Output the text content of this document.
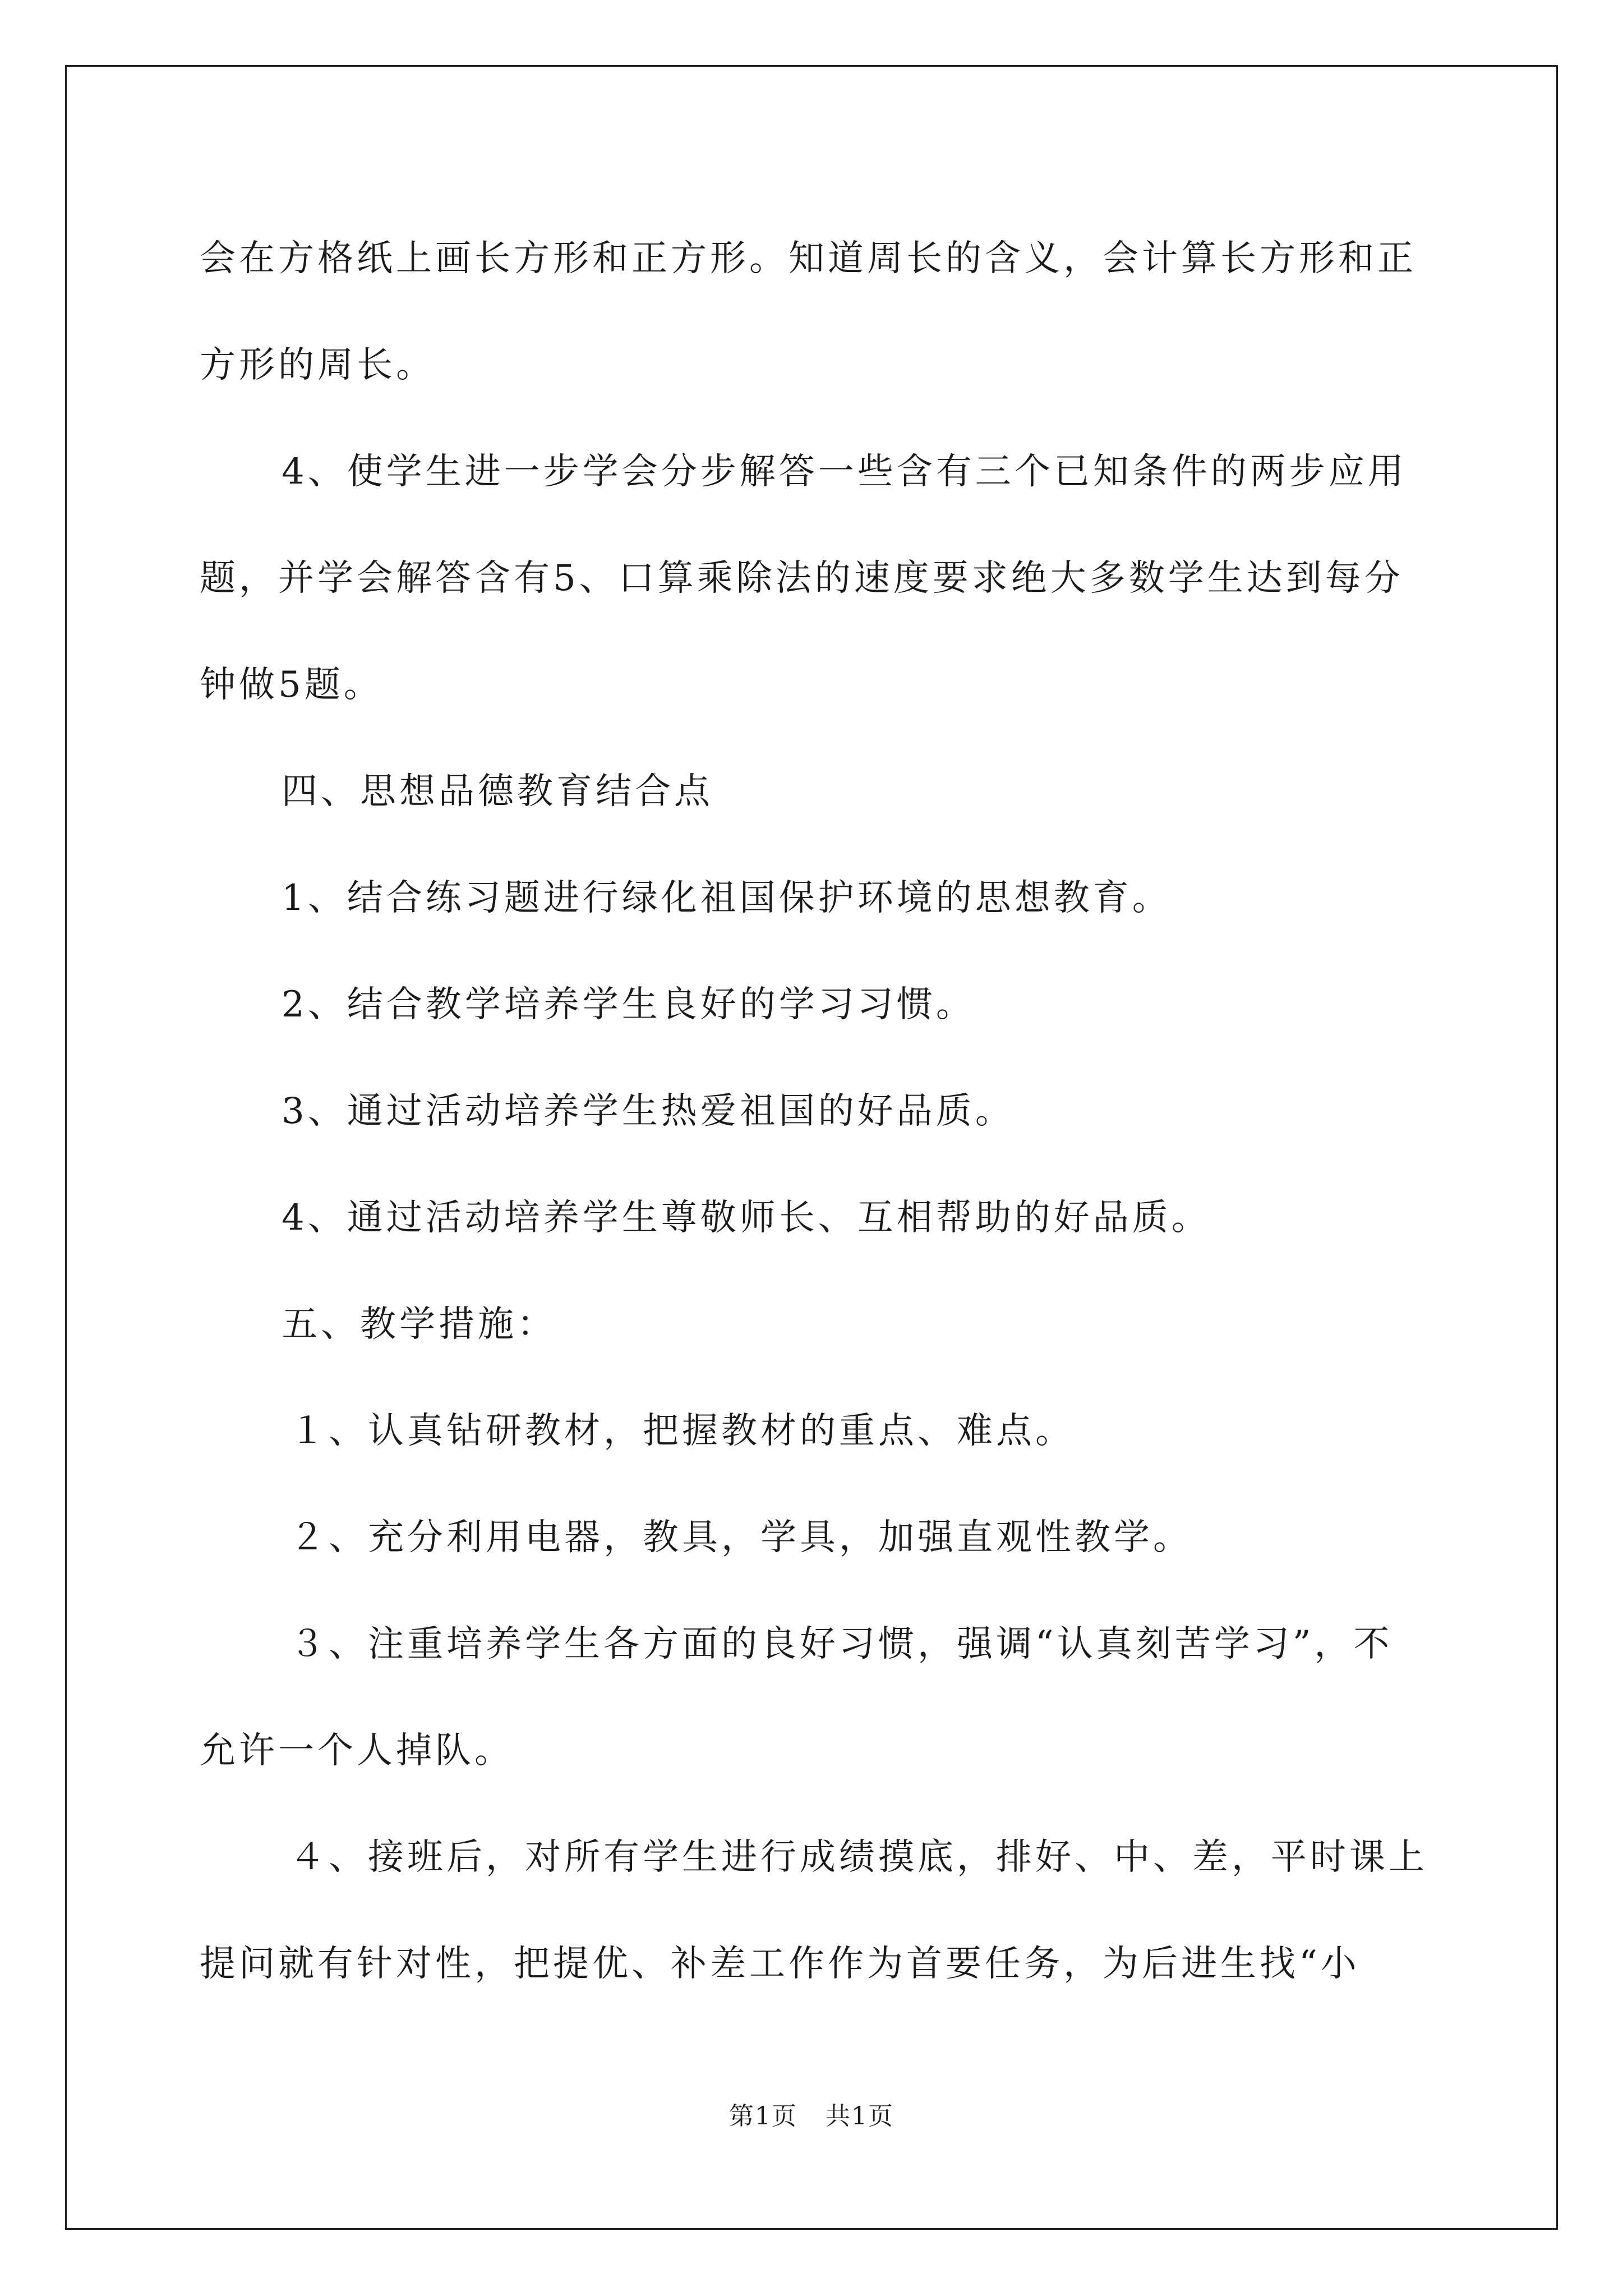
会在方格纸上画长方形和正方形。知道周长的含义，会计算长方形和正方形的周长。

4、使学生进一步学会分步解答一些含有三个已知条件的两步应用题，并学会解答含有5、口算乘除法的速度要求绝大多数学生达到每分钟做5题。

四、思想品德教育结合点

1、结合练习题进行绿化祖国保护环境的思想教育。

2、结合教学培养学生良好的学习习惯。

3、通过活动培养学生热爱祖国的好品质。

4、通过活动培养学生尊敬师长、互相帮助的好品质。

五、教学措施：

１、认真钻研教材，把握教材的重点、难点。

２、充分利用电器，教具，学具，加强直观性教学。

３、注重培养学生各方面的良好习惯，强调“认真刻苦学习”，不允许一个人掉队。

４、接班后，对所有学生进行成绩摸底，排好、中、差，平时课上提问就有针对性，把提优、补差工作作为首要任务，为后进生找“小

第1页 共1页
